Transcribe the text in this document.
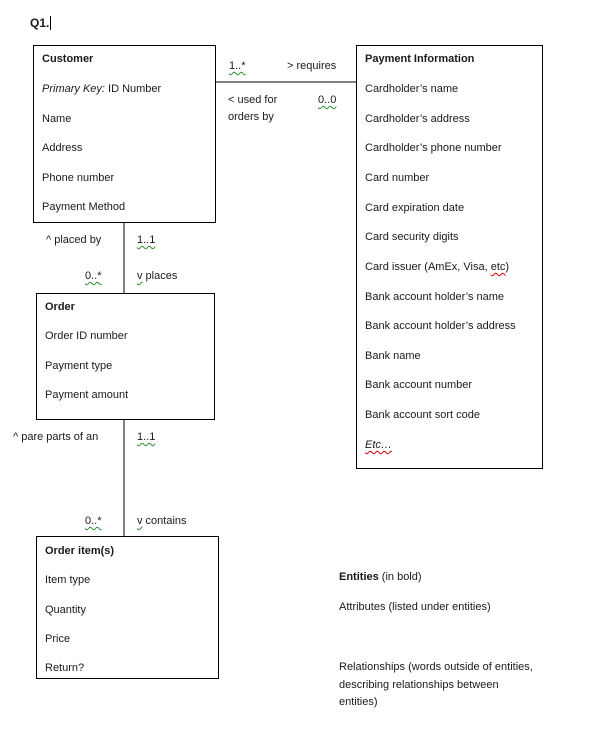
Q1.
Customer
Primary Key: ID Number
Name
Address
Phone number
Payment Method
Payment Information
Cardholder’s name
Cardholder’s address
Cardholder’s phone number
Card number
Card expiration date
Card security digits
Card issuer (AmEx, Visa, etc)
Bank account holder’s name
Bank account holder’s address
Bank name
Bank account number
Bank account sort code
Etc…
Order
Order ID number
Payment type
Payment amount
Order item(s)
Item type
Quantity
Price
Return?
1..*	> requires
< used for
orders by
0..0
^ placed by	1..1
0..*	v places
^ pare parts of an	1..1
0..*	v contains
Entities (in bold)
Attributes (listed under entities)
Relationships (words outside of entities,
describing relationships between
entities)
